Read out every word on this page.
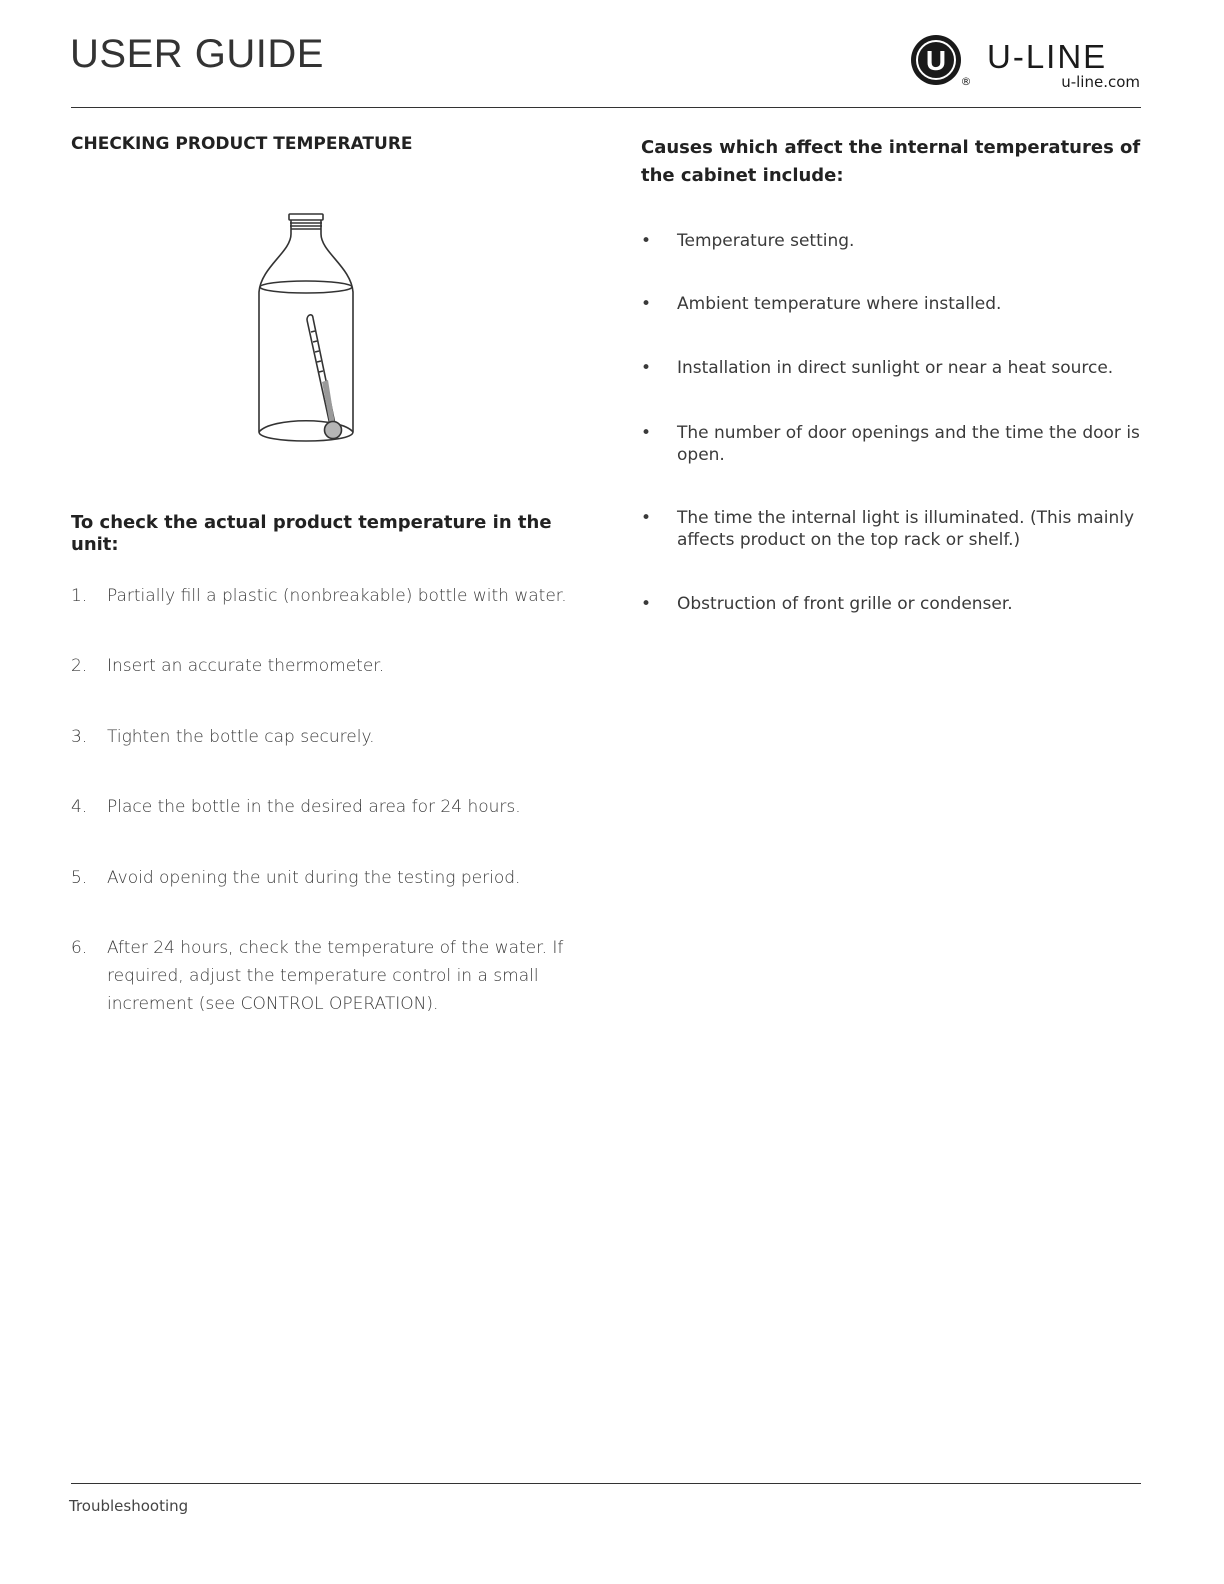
USER GUIDE	U
®
U-LINE
u-line.com
CHECKING PRODUCT TEMPERATURE
To check the actual product temperature in the unit:
1. Partially fill a plastic (nonbreakable) bottle with water.
2. Insert an accurate thermometer.
3. Tighten the bottle cap securely.
4. Place the bottle in the desired area for 24 hours.
5. Avoid opening the unit during the testing period.
6. After 24 hours, check the temperature of the water. If required, adjust the temperature control in a small increment (see CONTROL OPERATION).
Causes which affect the internal temperatures of the cabinet include:
• Temperature setting.
• Ambient temperature where installed.
• Installation in direct sunlight or near a heat source.
• The number of door openings and the time the door is open.
• The time the internal light is illuminated. (This mainly affects product on the top rack or shelf.)
• Obstruction of front grille or condenser.
Troubleshooting
